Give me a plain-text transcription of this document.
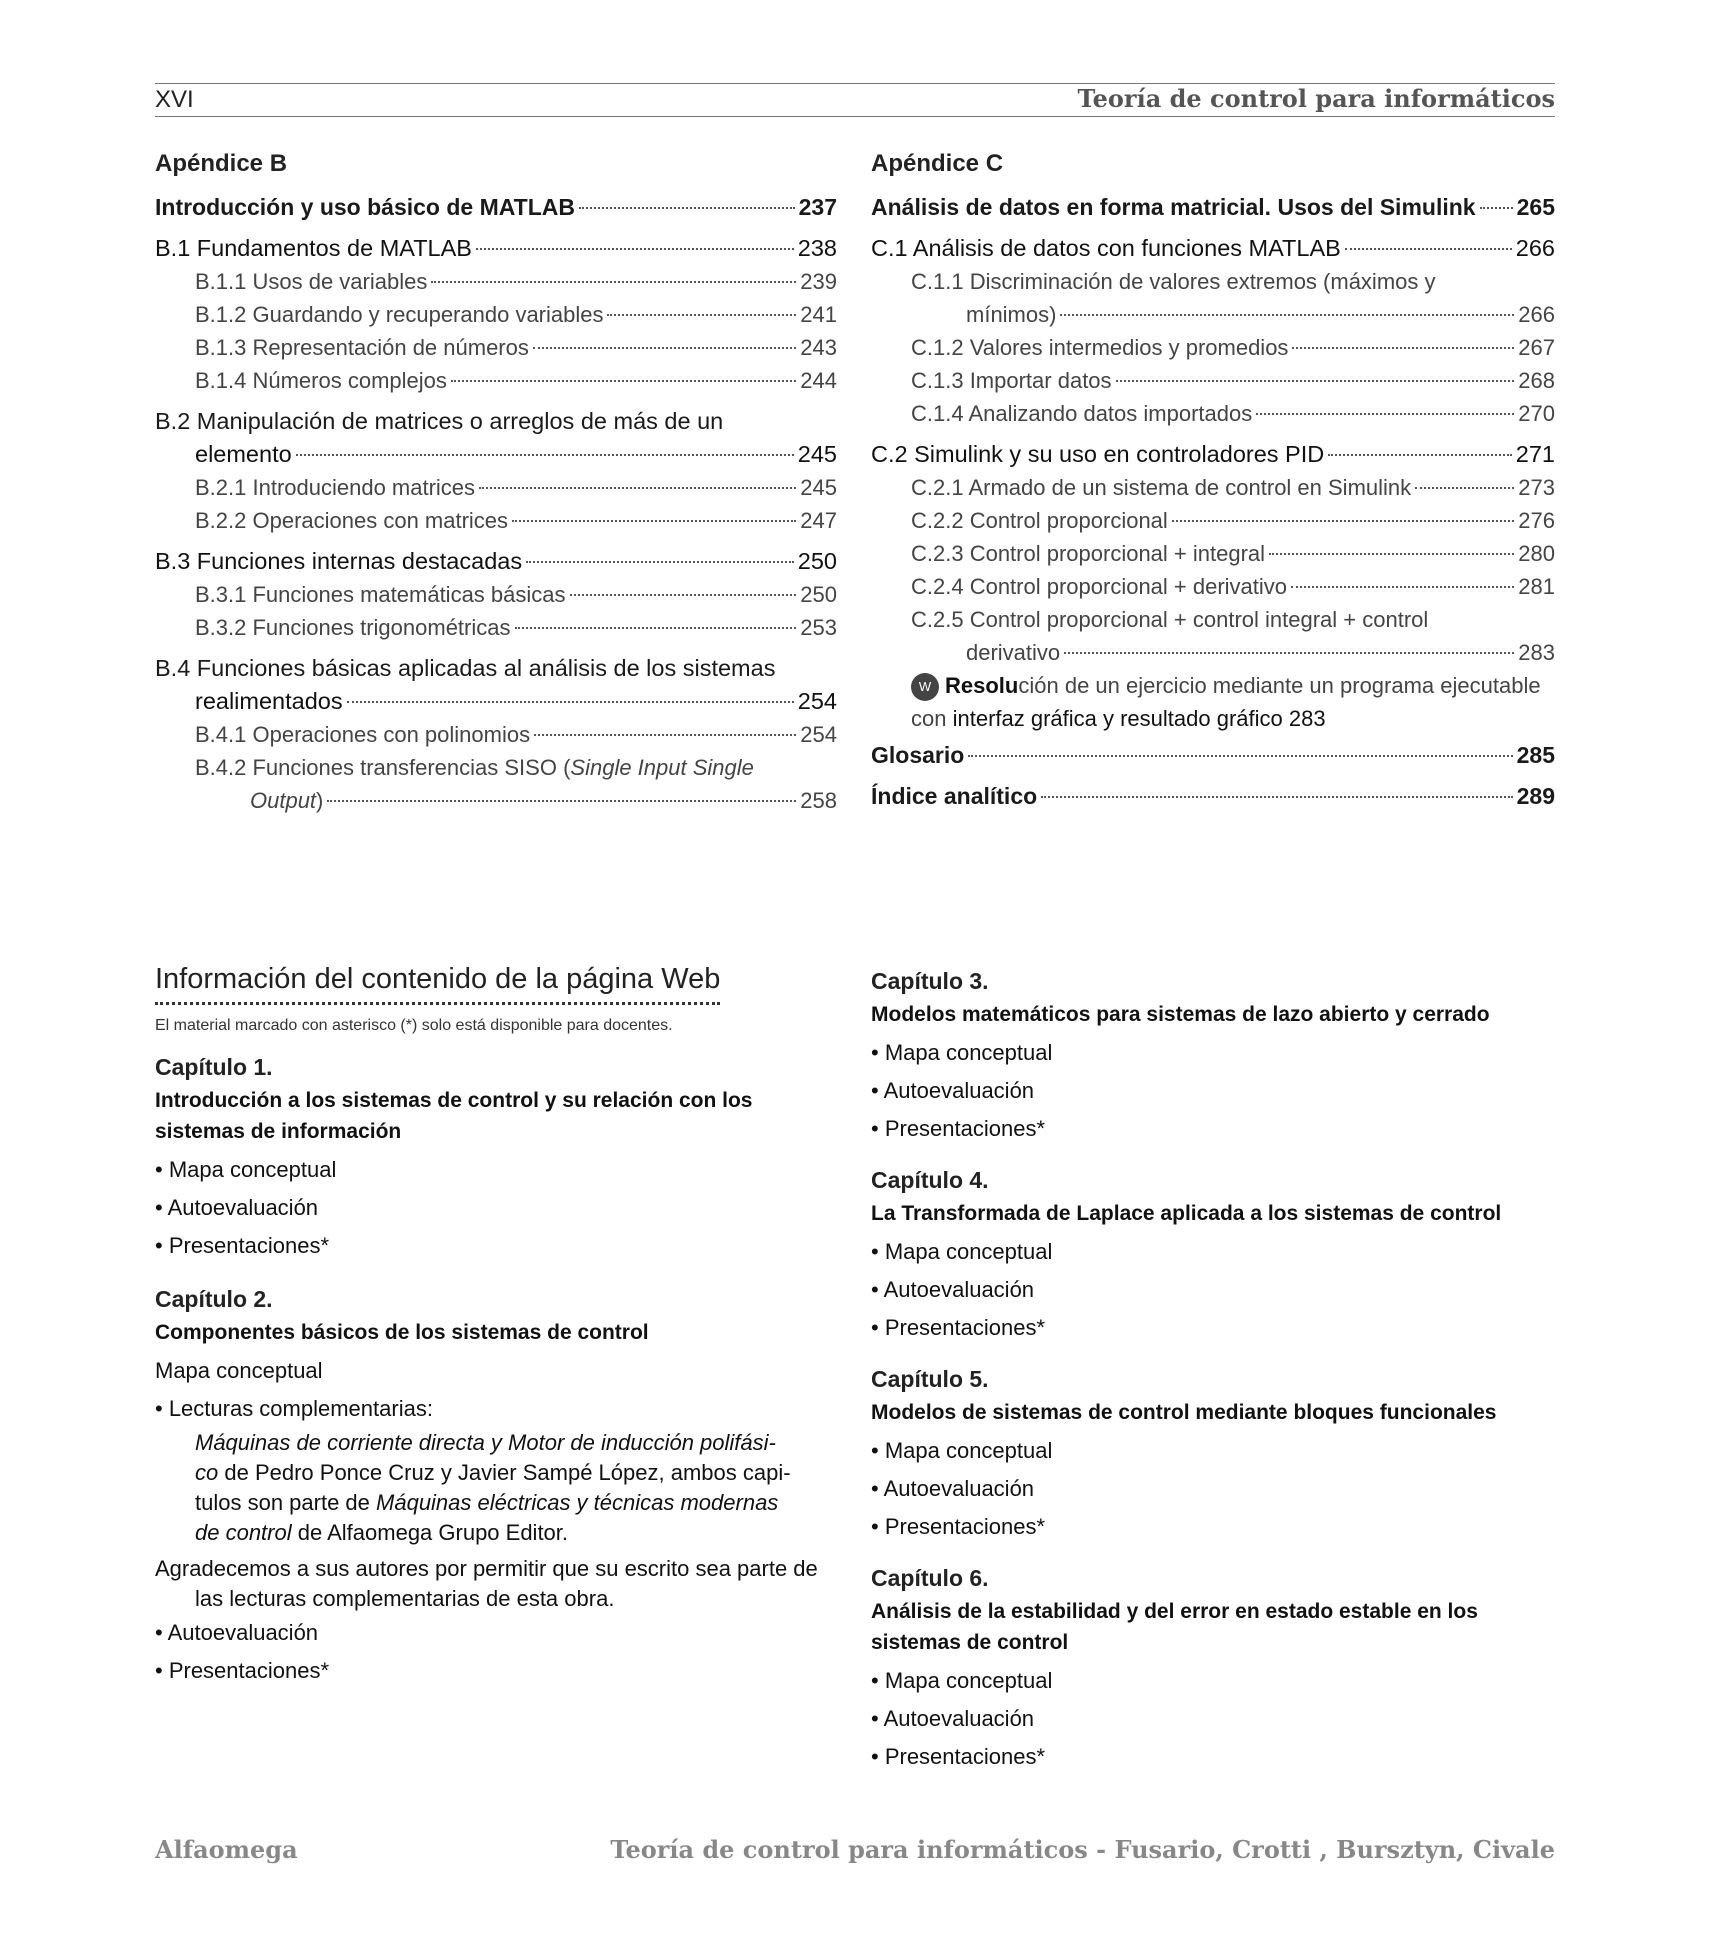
XVI	Teoría de control para informáticos
Apéndice B
Introducción y uso básico de MATLAB	237
B.1 Fundamentos de MATLAB	238
B.1.1 Usos de variables	239
B.1.2 Guardando y recuperando variables	241
B.1.3 Representación de números	243
B.1.4 Números complejos	244
B.2 Manipulación de matrices o arreglos de más de un
elemento	245
B.2.1 Introduciendo matrices	245
B.2.2 Operaciones con matrices	247
B.3 Funciones internas destacadas	250
B.3.1 Funciones matemáticas básicas	250
B.3.2 Funciones trigonométricas	253
B.4 Funciones básicas aplicadas al análisis de los sistemas
realimentados	254
B.4.1 Operaciones con polinomios	254
B.4.2 Funciones transferencias SISO (Single Input Single
Output)	258
Apéndice C
Análisis de datos en forma matricial. Usos del Simulink 265
C.1 Análisis de datos con funciones MATLAB	266
C.1.1 Discriminación de valores extremos (máximos y
mínimos)	266
C.1.2 Valores intermedios y promedios	267
C.1.3 Importar datos	268
C.1.4 Analizando datos importados	270
C.2 Simulink y su uso en controladores PID	271
C.2.1 Armado de un sistema de control en Simulink	273
C.2.2 Control proporcional	276
C.2.3 Control proporcional + integral	280
C.2.4 Control proporcional + derivativo	281
C.2.5 Control proporcional + control integral + control
derivativo	283
W Resolución de un ejercicio mediante un programa ejecutable
con interfaz gráfica y resultado gráfico 283
Glosario	285
Índice analítico	289
Información del contenido de la página Web
El material marcado con asterisco (*) solo está disponible para docentes.
Capítulo 1.
Introducción a los sistemas de control y su relación con los sistemas de información
• Mapa conceptual
• Autoevaluación
• Presentaciones*
Capítulo 2.
Componentes básicos de los sistemas de control
Mapa conceptual
• Lecturas complementarias:
Máquinas de corriente directa y Motor de inducción polifási-
co de Pedro Ponce Cruz y Javier Sampé López, ambos capi-
tulos son parte de Máquinas eléctricas y técnicas modernas
de control de Alfaomega Grupo Editor.
Agradecemos a sus autores por permitir que su escrito sea parte de las lecturas complementarias de esta obra.
• Autoevaluación
• Presentaciones*
Capítulo 3.
Modelos matemáticos para sistemas de lazo abierto y cerrado
• Mapa conceptual
• Autoevaluación
• Presentaciones*
Capítulo 4.
La Transformada de Laplace aplicada a los sistemas de control
• Mapa conceptual
• Autoevaluación
• Presentaciones*
Capítulo 5.
Modelos de sistemas de control mediante bloques funcionales
• Mapa conceptual
• Autoevaluación
• Presentaciones*
Capítulo 6.
Análisis de la estabilidad y del error en estado estable en los sistemas de control
• Mapa conceptual
• Autoevaluación
• Presentaciones*
Alfaomega	Teoría de control para informáticos - Fusario, Crotti , Bursztyn, Civale
